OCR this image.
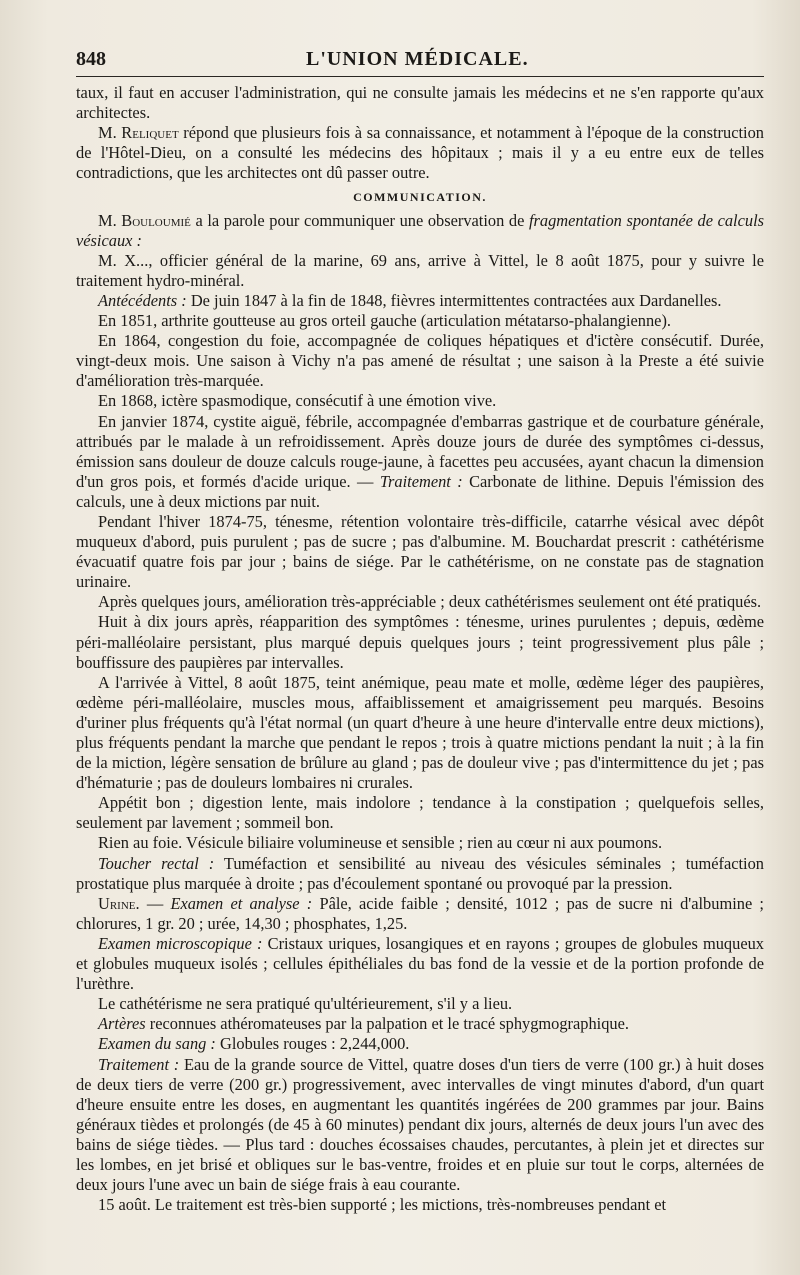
848	L'UNION MÉDICALE.

taux, il faut en accuser l'administration, qui ne consulte jamais les médecins et ne s'en rapporte qu'aux architectes.

M. Reliquet répond que plusieurs fois à sa connaissance, et notamment à l'époque de la construction de l'Hôtel-Dieu, on a consulté les médecins des hôpitaux ; mais il y a eu entre eux de telles contradictions, que les architectes ont dû passer outre.

COMMUNICATION.

M. Bouloumié a la parole pour communiquer une observation de fragmentation spontanée de calculs vésicaux :

M. X..., officier général de la marine, 69 ans, arrive à Vittel, le 8 août 1875, pour y suivre le traitement hydro-minéral.

Antécédents : De juin 1847 à la fin de 1848, fièvres intermittentes contractées aux Dardanelles.

En 1851, arthrite goutteuse au gros orteil gauche (articulation métatarso-phalangienne).

En 1864, congestion du foie, accompagnée de coliques hépatiques et d'ictère consécutif. Durée, vingt-deux mois. Une saison à Vichy n'a pas amené de résultat ; une saison à la Preste a été suivie d'amélioration très-marquée.

En 1868, ictère spasmodique, consécutif à une émotion vive.

En janvier 1874, cystite aiguë, fébrile, accompagnée d'embarras gastrique et de courbature générale, attribués par le malade à un refroidissement. Après douze jours de durée des symptômes ci-dessus, émission sans douleur de douze calculs rouge-jaune, à facettes peu accusées, ayant chacun la dimension d'un gros pois, et formés d'acide urique. — Traitement : Carbonate de lithine. Depuis l'émission des calculs, une à deux mictions par nuit.

Pendant l'hiver 1874-75, ténesme, rétention volontaire très-difficile, catarrhe vésical avec dépôt muqueux d'abord, puis purulent ; pas de sucre ; pas d'albumine. M. Bouchardat prescrit : cathétérisme évacuatif quatre fois par jour ; bains de siége. Par le cathétérisme, on ne constate pas de stagnation urinaire.

Après quelques jours, amélioration très-appréciable ; deux cathétérismes seulement ont été pratiqués.

Huit à dix jours après, réapparition des symptômes : ténesme, urines purulentes ; depuis, œdème péri-malléolaire persistant, plus marqué depuis quelques jours ; teint progressivement plus pâle ; bouffissure des paupières par intervalles.

A l'arrivée à Vittel, 8 août 1875, teint anémique, peau mate et molle, œdème léger des paupières, œdème péri-malléolaire, muscles mous, affaiblissement et amaigrissement peu marqués. Besoins d'uriner plus fréquents qu'à l'état normal (un quart d'heure à une heure d'intervalle entre deux mictions), plus fréquents pendant la marche que pendant le repos ; trois à quatre mictions pendant la nuit ; à la fin de la miction, légère sensation de brûlure au gland ; pas de douleur vive ; pas d'intermittence du jet ; pas d'hématurie ; pas de douleurs lombaires ni crurales.

Appétit bon ; digestion lente, mais indolore ; tendance à la constipation ; quelquefois selles, seulement par lavement ; sommeil bon.

Rien au foie. Vésicule biliaire volumineuse et sensible ; rien au cœur ni aux poumons.

Toucher rectal : Tuméfaction et sensibilité au niveau des vésicules séminales ; tuméfaction prostatique plus marquée à droite ; pas d'écoulement spontané ou provoqué par la pression.

Urine. — Examen et analyse : Pâle, acide faible ; densité, 1012 ; pas de sucre ni d'albumine ; chlorures, 1 gr. 20 ; urée, 14,30 ; phosphates, 1,25.

Examen microscopique : Cristaux uriques, losangiques et en rayons ; groupes de globules muqueux et globules muqueux isolés ; cellules épithéliales du bas fond de la vessie et de la portion profonde de l'urèthre.

Le cathétérisme ne sera pratiqué qu'ultérieurement, s'il y a lieu.

Artères reconnues athéromateuses par la palpation et le tracé sphygmographique.

Examen du sang : Globules rouges : 2,244,000.

Traitement : Eau de la grande source de Vittel, quatre doses d'un tiers de verre (100 gr.) à huit doses de deux tiers de verre (200 gr.) progressivement, avec intervalles de vingt minutes d'abord, d'un quart d'heure ensuite entre les doses, en augmentant les quantités ingérées de 200 grammes par jour. Bains généraux tièdes et prolongés (de 45 à 60 minutes) pendant dix jours, alternés de deux jours l'un avec des bains de siége tièdes. — Plus tard : douches écossaises chaudes, percutantes, à plein jet et directes sur les lombes, en jet brisé et obliques sur le bas-ventre, froides et en pluie sur tout le corps, alternées de deux jours l'une avec un bain de siége frais à eau courante.

15 août. Le traitement est très-bien supporté ; les mictions, très-nombreuses pendant et
